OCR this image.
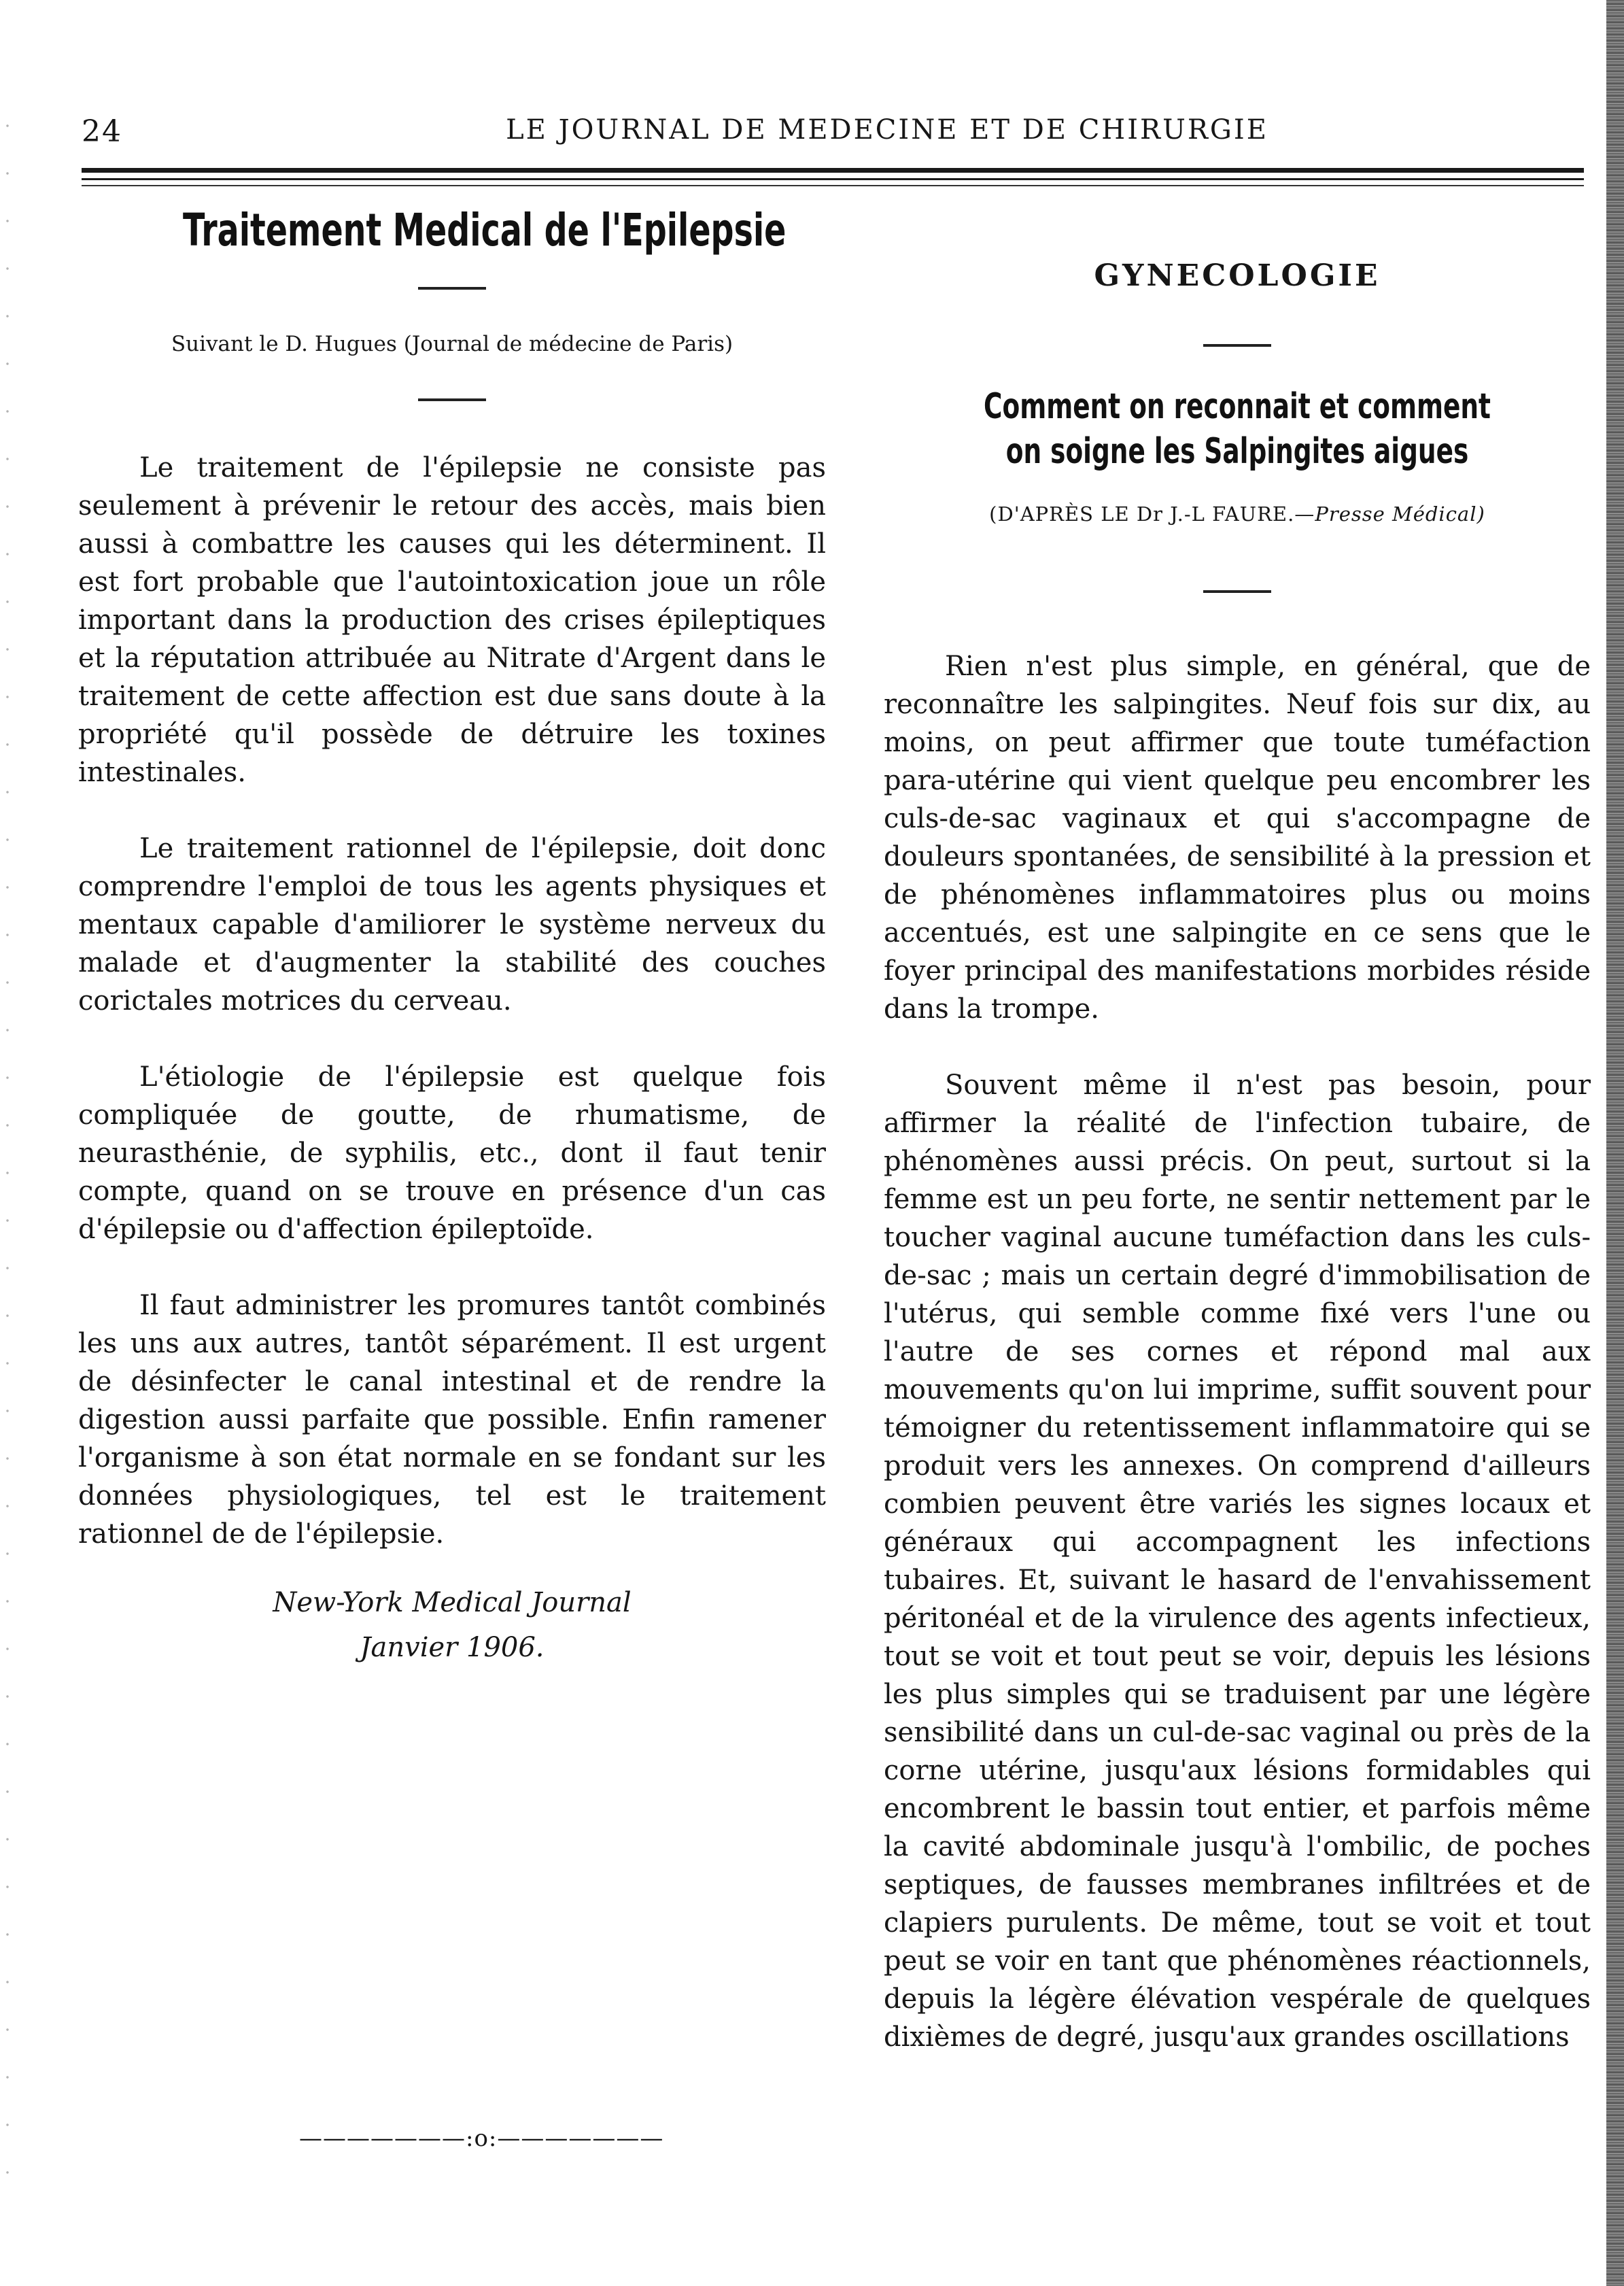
24	LE JOURNAL DE MEDECINE ET DE CHIRURGIE
Traitement Medical de l'Epilepsie
Suivant le D. Hugues (Journal de médecine de Paris)

Le traitement de l'épilepsie ne consiste pas seulement à prévenir le retour des accès, mais bien aussi à combattre les causes qui les déterminent. Il est fort probable que l'autointoxication joue un rôle important dans la production des crises épileptiques et la réputation attribuée au Nitrate d'Argent dans le traitement de cette affection est due sans doute à la propriété qu'il possède de détruire les toxines intestinales.

Le traitement rationnel de l'épilepsie, doit donc comprendre l'emploi de tous les agents physiques et mentaux capable d'amiliorer le système nerveux du malade et d'augmenter la stabilité des couches corictales motrices du cerveau.

L'étiologie de l'épilepsie est quelque fois compliquée de goutte, de rhumatisme, de neurasthénie, de syphilis, etc., dont il faut tenir compte, quand on se trouve en présence d'un cas d'épilepsie ou d'affection épileptoïde.

Il faut administrer les promures tantôt combinés les uns aux autres, tantôt séparément. Il est urgent de désinfecter le canal intestinal et de rendre la digestion aussi parfaite que possible. Enfin ramener l'organisme à son état normale en se fondant sur les données physiologiques, tel est le traitement rationnel de de l'épilepsie.

New-York Medical Journal
Janvier 1906.
———————:o:———————
GYNECOLOGIE
Comment on reconnait et comment
on soigne les Salpingites aigues
(D'APRÈS LE Dr J.-L FAURE.—Presse Médical)

Rien n'est plus simple, en général, que de reconnaître les salpingites. Neuf fois sur dix, au moins, on peut affirmer que toute tuméfaction para-utérine qui vient quelque peu encombrer les culs-de-sac vaginaux et qui s'accompagne de douleurs spontanées, de sensibilité à la pression et de phénomènes inflammatoires plus ou moins accentués, est une salpingite en ce sens que le foyer principal des manifestations morbides réside dans la trompe.

Souvent même il n'est pas besoin, pour affirmer la réalité de l'infection tubaire, de phénomènes aussi précis. On peut, surtout si la femme est un peu forte, ne sentir nettement par le toucher vaginal aucune tuméfaction dans les culs-de-sac ; mais un certain degré d'immobilisation de l'utérus, qui semble comme fixé vers l'une ou l'autre de ses cornes et répond mal aux mouvements qu'on lui imprime, suffit souvent pour témoigner du retentissement inflammatoire qui se produit vers les annexes. On comprend d'ailleurs combien peuvent être variés les signes locaux et généraux qui accompagnent les infections tubaires. Et, suivant le hasard de l'envahissement péritonéal et de la virulence des agents infectieux, tout se voit et tout peut se voir, depuis les lésions les plus simples qui se traduisent par une légère sensibilité dans un cul-de-sac vaginal ou près de la corne utérine, jusqu'aux lésions formidables qui encombrent le bassin tout entier, et parfois même la cavité abdominale jusqu'à l'ombilic, de poches septiques, de fausses membranes infiltrées et de clapiers purulents. De même, tout se voit et tout peut se voir en tant que phénomènes réactionnels, depuis la légère élévation vespérale de quelques dixièmes de degré, jusqu'aux grandes oscillations
